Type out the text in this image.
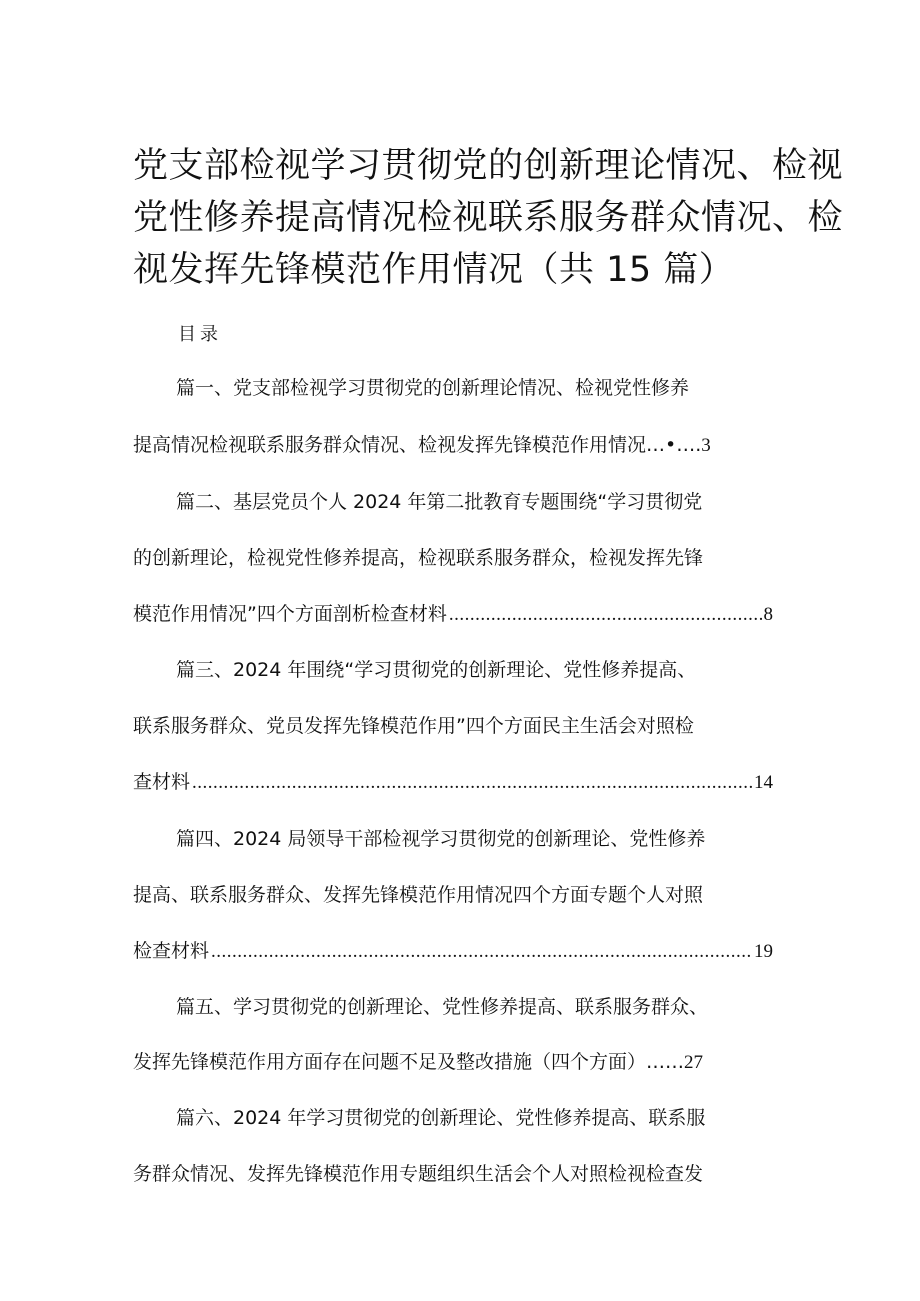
党支部检视学习贯彻党的创新理论情况、检视
党性修养提高情况检视联系服务群众情况、检
视发挥先锋模范作用情况（共 15 篇）
目录
篇一、党支部检视学习贯彻党的创新理论情况、检视党性修养
提高情况检视联系服务群众情况、检视发挥先锋模范作用情况…•….3
篇二、基层党员个人 2024 年第二批教育专题围绕“学习贯彻党
的创新理论，检视党性修养提高，检视联系服务群众，检视发挥先锋
模范作用情况”四个方面剖析检查材料 .....	8
篇三、2024 年围绕“学习贯彻党的创新理论、党性修养提高、
联系服务群众、党员发挥先锋模范作用”四个方面民主生活会对照检
查材料 .....	14
篇四、2024 局领导干部检视学习贯彻党的创新理论、党性修养
提高、联系服务群众、发挥先锋模范作用情况四个方面专题个人对照
检查材料 .....	19
篇五、学习贯彻党的创新理论、党性修养提高、联系服务群众、
发挥先锋模范作用方面存在问题不足及整改措施（四个方面）……27
篇六、2024 年学习贯彻党的创新理论、党性修养提高、联系服
务群众情况、发挥先锋模范作用专题组织生活会个人对照检视检查发
